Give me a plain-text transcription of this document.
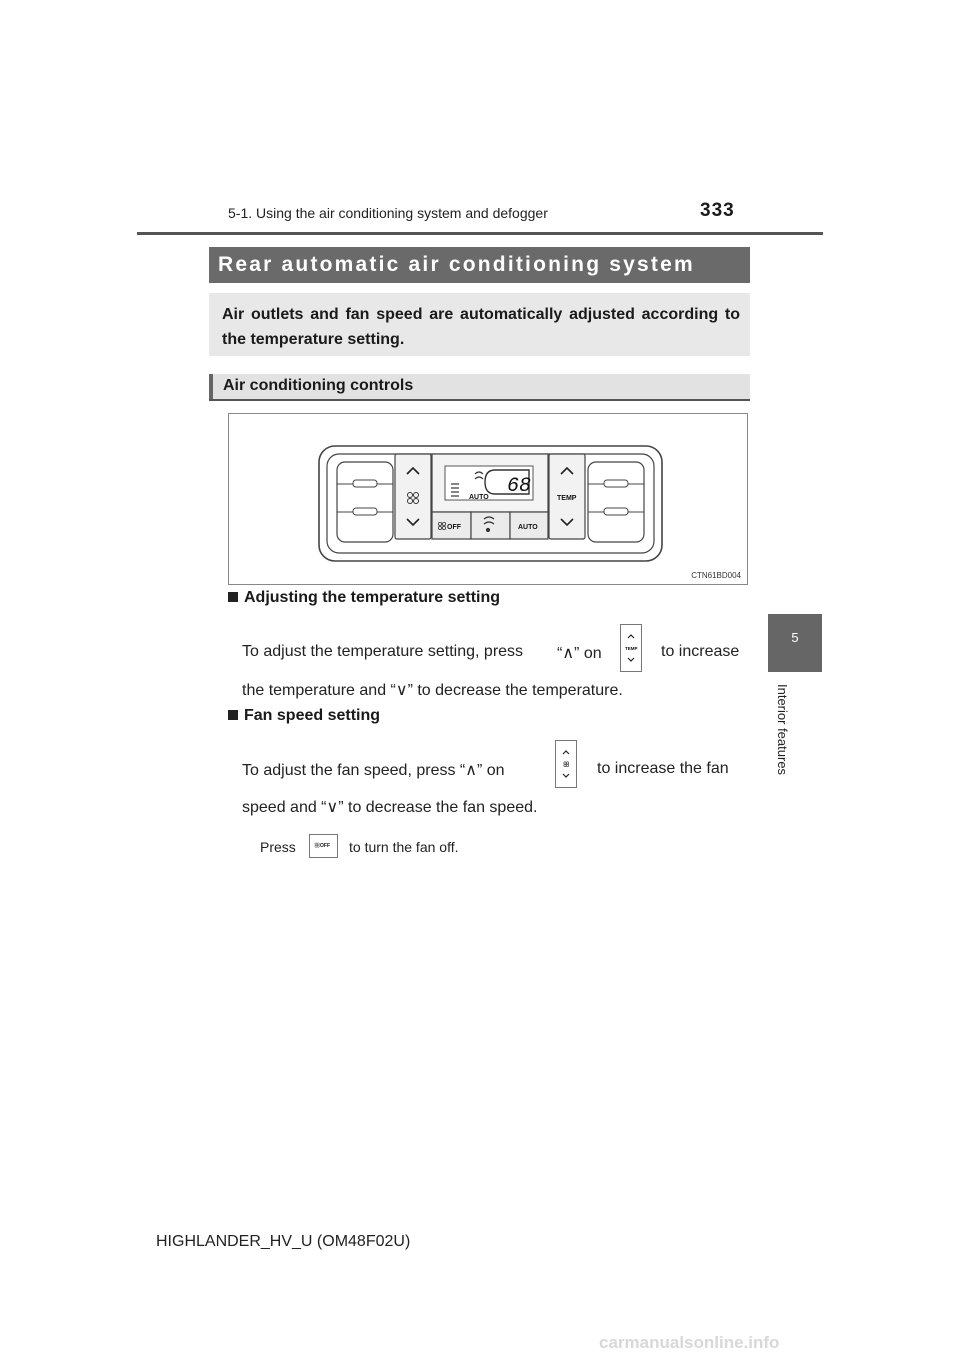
5-1. Using the air conditioning system and defogger	333
5
Interior features
Rear automatic air conditioning system
Air outlets and fan speed are automatically adjusted according to the temperature setting.
Air conditioning controls
68
AUTO
OFF	AUTO
TEMP
CTN61BD004
Adjusting the temperature setting
To adjust the temperature setting, press “∧” on	TEMP to increase
the temperature and “∨” to decrease the temperature.
Fan speed setting
To adjust the fan speed, press “∧” on	to increase the fan
speed and “∨” to decrease the fan speed.
Press	OFF to turn the fan off.
HIGHLANDER_HV_U (OM48F02U)
carmanualsonline.info
